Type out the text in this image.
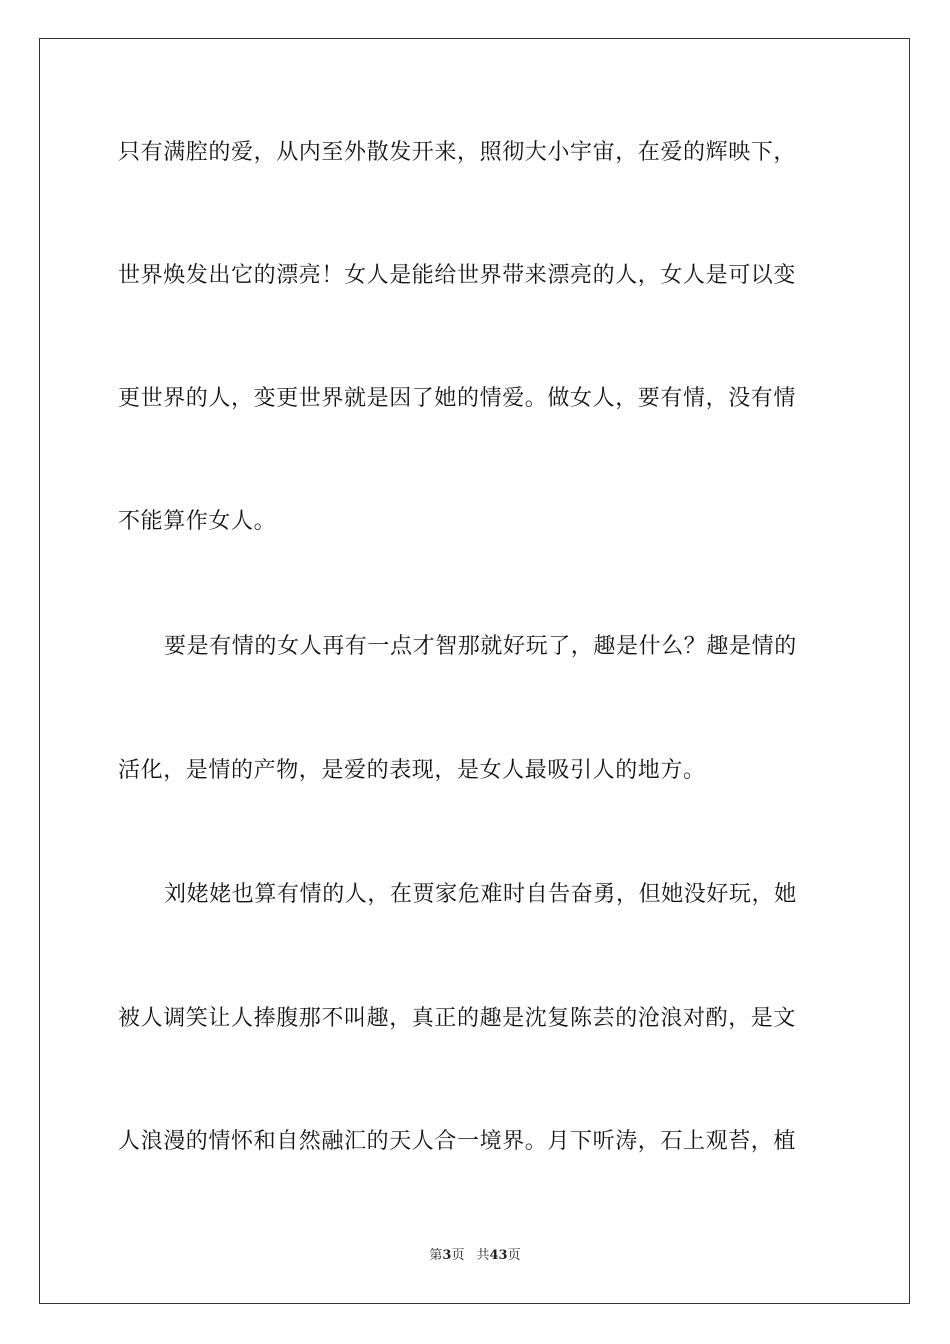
只有满腔的爱，从内至外散发开来，照彻大小宇宙，在爱的辉映下，
世界焕发出它的漂亮！女人是能给世界带来漂亮的人，女人是可以变
更世界的人，变更世界就是因了她的情爱。做女人，要有情，没有情
不能算作女人。
要是有情的女人再有一点才智那就好玩了，趣是什么？趣是情的
活化，是情的产物，是爱的表现，是女人最吸引人的地方。
刘姥姥也算有情的人，在贾家危难时自告奋勇，但她没好玩，她
被人调笑让人捧腹那不叫趣，真正的趣是沈复陈芸的沧浪对酌，是文
人浪漫的情怀和自然融汇的天人合一境界。月下听涛，石上观苔，植
第3页 共43页
